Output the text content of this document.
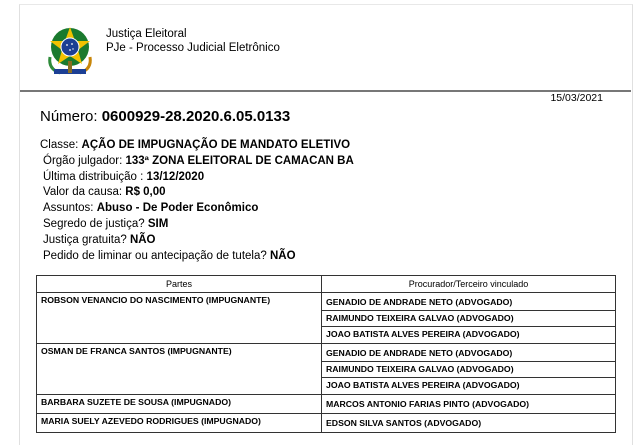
Justiça Eleitoral
PJe - Processo Judicial Eletrônico
15/03/2021
Número: 0600929-28.2020.6.05.0133
Classe: AÇÃO DE IMPUGNAÇÃO DE MANDATO ELETIVO
Órgão julgador: 133ª ZONA ELEITORAL DE CAMACAN BA
Última distribuição : 13/12/2020
Valor da causa: R$ 0,00
Assuntos: Abuso - De Poder Econômico
Segredo de justiça? SIM
Justiça gratuita? NÃO
Pedido de liminar ou antecipação de tutela? NÃO
Partes	Procurador/Terceiro vinculado
ROBSON VENANCIO DO NASCIMENTO (IMPUGNANTE)	GENADIO DE ANDRADE NETO (ADVOGADO)
RAIMUNDO TEIXEIRA GALVAO (ADVOGADO)
JOAO BATISTA ALVES PEREIRA (ADVOGADO)

OSMAN DE FRANCA SANTOS (IMPUGNANTE)	GENADIO DE ANDRADE NETO (ADVOGADO)
RAIMUNDO TEIXEIRA GALVAO (ADVOGADO)
JOAO BATISTA ALVES PEREIRA (ADVOGADO)

BARBARA SUZETE DE SOUSA (IMPUGNADO)	MARCOS ANTONIO FARIAS PINTO (ADVOGADO)

MARIA SUELY AZEVEDO RODRIGUES (IMPUGNADO)	EDSON SILVA SANTOS (ADVOGADO)
